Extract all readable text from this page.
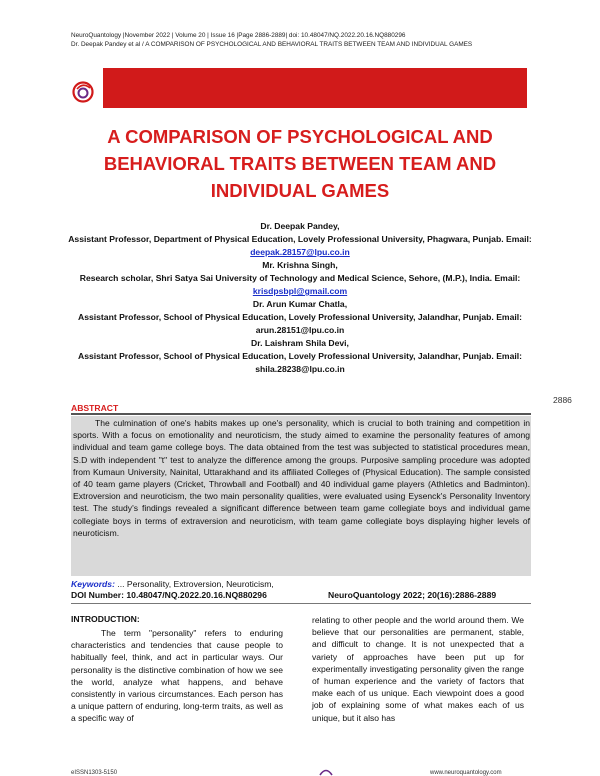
NeuroQuantology |November 2022 | Volume 20 | Issue 16 |Page 2886-2889| doi: 10.48047/NQ.2022.20.16.NQ880296
Dr. Deepak Pandey et al / A COMPARISON OF PSYCHOLOGICAL AND BEHAVIORAL TRAITS BETWEEN TEAM AND INDIVIDUAL GAMES
A COMPARISON OF PSYCHOLOGICAL AND BEHAVIORAL TRAITS BETWEEN TEAM AND INDIVIDUAL GAMES
Dr. Deepak Pandey,
Assistant Professor, Department of Physical Education, Lovely Professional University, Phagwara, Punjab. Email: deepak.28157@lpu.co.in
Mr. Krishna Singh,
Research scholar, Shri Satya Sai University of Technology and Medical Science, Sehore, (M.P.), India. Email: krisdpsbpl@gmail.com
Dr. Arun Kumar Chatla,
Assistant Professor, School of Physical Education, Lovely Professional University, Jalandhar, Punjab. Email: arun.28151@lpu.co.in
Dr. Laishram Shila Devi,
Assistant Professor, School of Physical Education, Lovely Professional University, Jalandhar, Punjab. Email: shila.28238@lpu.co.in
2886
ABSTRACT
The culmination of one's habits makes up one's personality, which is crucial to both training and competition in sports. With a focus on emotionality and neuroticism, the study aimed to examine the personality features of among individual and team game college boys. The data obtained from the test was subjected to statistical procedures mean, S.D with independent "t" test to analyze the difference among the groups. Purposive sampling procedure was adopted from Kumaun University, Nainital, Uttarakhand and its affiliated Colleges of (Physical Education). The sample consisted of 40 team game players (Cricket, Throwball and Football) and 40 individual game players (Athletics and Badminton). Extroversion and neuroticism, the two main personality qualities, were evaluated using Eysenck's Personality Inventory test. The study's findings revealed a significant difference between team game collegiate boys and individual game collegiate boys in terms of extraversion and neuroticism, with team game collegiate boys displaying higher levels of neuroticism.
Keywords: ... Personality, Extroversion, Neuroticism,
DOI Number: 10.48047/NQ.2022.20.16.NQ880296	NeuroQuantology 2022; 20(16):2886-2889
INTRODUCTION:
The term "personality" refers to enduring characteristics and tendencies that cause people to habitually feel, think, and act in particular ways. Our personality is the distinctive combination of how we see the world, analyze what happens, and behave consistently in various circumstances. Each person has a unique pattern of enduring, long-term traits, as well as a specific way of
relating to other people and the world around them. We believe that our personalities are permanent, stable, and difficult to change. It is not unexpected that a variety of approaches have been put up for experimentally investigating personality given the range of human experience and the variety of factors that make each of us unique. Each viewpoint does a good job of explaining some of what makes each of us unique, but it also has
eISSN1303-5150	www.neuroquantology.com
